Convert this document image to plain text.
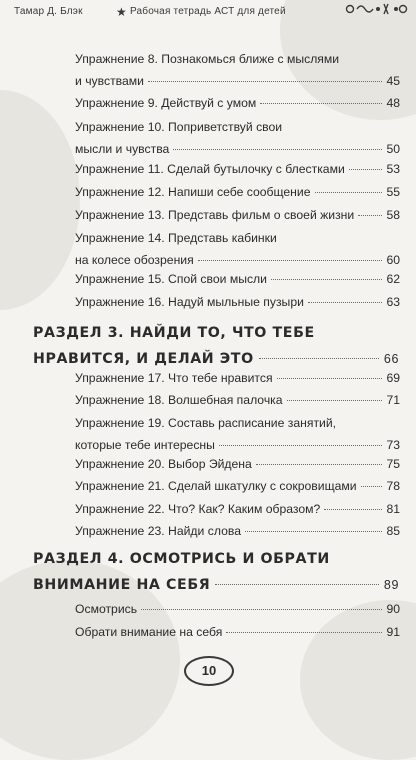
Тамар Д. Блэк	★ Рабочая тетрадь АСТ для детей
Упражнение 8. Познакомься ближе с мыслями
и чувствами	45
Упражнение 9. Действуй с умом	48
Упражнение 10. Поприветствуй свои
мысли и чувства	50
Упражнение 11. Сделай бутылочку с блестками	53
Упражнение 12. Напиши себе сообщение	55
Упражнение 13. Представь фильм о своей жизни	58
Упражнение 14. Представь кабинки
на колесе обозрения	60
Упражнение 15. Спой свои мысли	62
Упражнение 16. Надуй мыльные пузыри	63
РАЗДЕЛ 3. НАЙДИ ТО, ЧТО ТЕБЕ
НРАВИТСЯ, И ДЕЛАЙ ЭТО	66
Упражнение 17. Что тебе нравится	69
Упражнение 18. Волшебная палочка	71
Упражнение 19. Составь расписание занятий,
которые тебе интересны	73
Упражнение 20. Выбор Эйдена	75
Упражнение 21. Сделай шкатулку с сокровищами 78
Упражнение 22. Что? Как? Каким образом?	81
Упражнение 23. Найди слова	85
РАЗДЕЛ 4. ОСМОТРИСЬ И ОБРАТИ
ВНИМАНИЕ НА СЕБЯ	89
Осмотрись	90
Обрати внимание на себя	91
10
